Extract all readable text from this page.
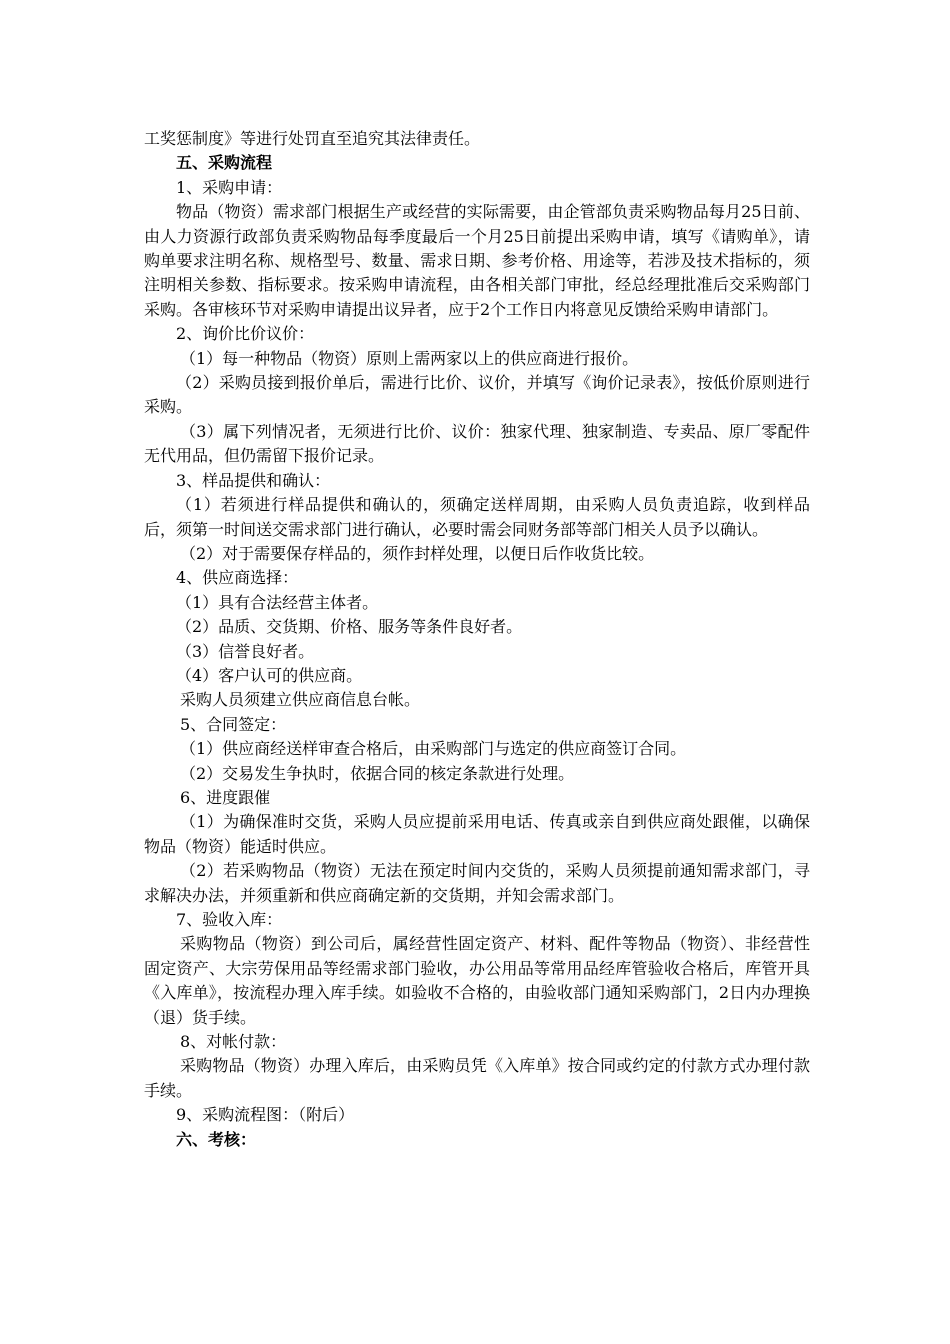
工奖惩制度》等进行处罚直至追究其法律责任。

五、采购流程

1、采购申请：

物品（物资）需求部门根据生产或经营的实际需要，由企管部负责采购物品每月25日前、由人力资源行政部负责采购物品每季度最后一个月25日前提出采购申请，填写《请购单》，请购单要求注明名称、规格型号、数量、需求日期、参考价格、用途等，若涉及技术指标的，须注明相关参数、指标要求。按采购申请流程，由各相关部门审批，经总经理批准后交采购部门采购。各审核环节对采购申请提出议异者，应于2个工作日内将意见反馈给采购申请部门。

2、询价比价议价：

（1）每一种物品（物资）原则上需两家以上的供应商进行报价。

（2）采购员接到报价单后，需进行比价、议价，并填写《询价记录表》，按低价原则进行采购。

（3）属下列情况者，无须进行比价、议价：独家代理、独家制造、专卖品、原厂零配件无代用品，但仍需留下报价记录。

3、样品提供和确认：

（1）若须进行样品提供和确认的，须确定送样周期，由采购人员负责追踪，收到样品后，须第一时间送交需求部门进行确认，必要时需会同财务部等部门相关人员予以确认。

（2）对于需要保存样品的，须作封样处理，以便日后作收货比较。

4、供应商选择：

（1）具有合法经营主体者。

（2）品质、交货期、价格、服务等条件良好者。

（3）信誉良好者。

（4）客户认可的供应商。

采购人员须建立供应商信息台帐。

5、合同签定：

（1）供应商经送样审查合格后，由采购部门与选定的供应商签订合同。

（2）交易发生争执时，依据合同的核定条款进行处理。

6、进度跟催

（1）为确保准时交货，采购人员应提前采用电话、传真或亲自到供应商处跟催，以确保物品（物资）能适时供应。

（2）若采购物品（物资）无法在预定时间内交货的，采购人员须提前通知需求部门，寻求解决办法，并须重新和供应商确定新的交货期，并知会需求部门。

7、验收入库：

采购物品（物资）到公司后，属经营性固定资产、材料、配件等物品（物资）、非经营性固定资产、大宗劳保用品等经需求部门验收，办公用品等常用品经库管验收合格后，库管开具《入库单》，按流程办理入库手续。如验收不合格的，由验收部门通知采购部门，2日内办理换（退）货手续。

8、对帐付款：

采购物品（物资）办理入库后，由采购员凭《入库单》按合同或约定的付款方式办理付款手续。

9、采购流程图：（附后）

六、考核：
